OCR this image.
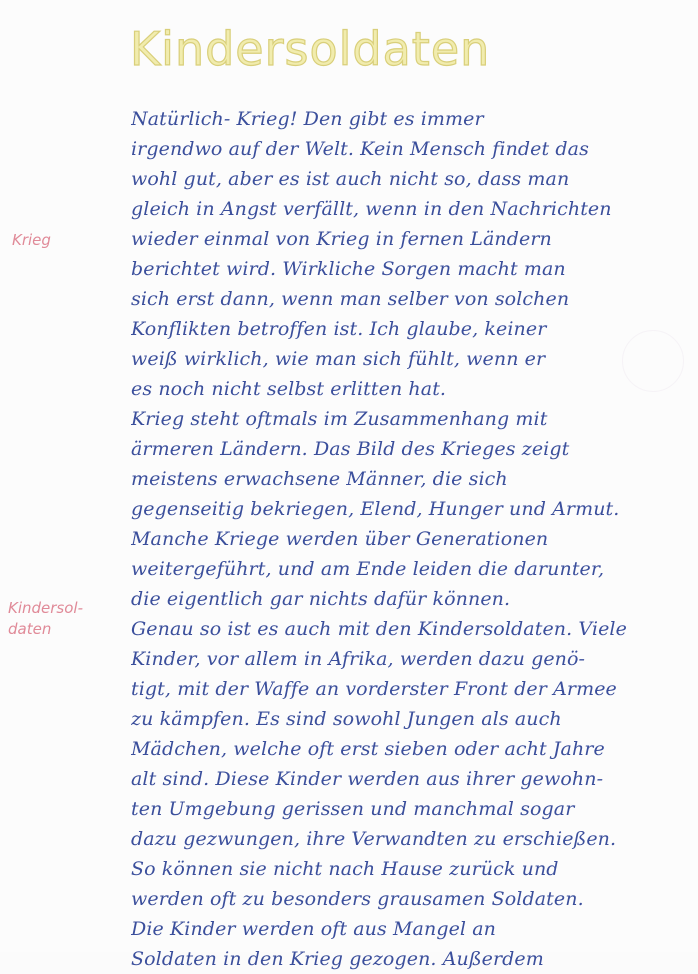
Kindersoldaten
Krieg
Kindersol-
daten
Natürlich- Krieg! Den gibt es immer
irgendwo auf der Welt. Kein Mensch findet das
wohl gut, aber es ist auch nicht so, dass man
gleich in Angst verfällt, wenn in den Nachrichten
wieder einmal von Krieg in fernen Ländern
berichtet wird. Wirkliche Sorgen macht man
sich erst dann, wenn man selber von solchen
Konflikten betroffen ist. Ich glaube, keiner
weiß wirklich, wie man sich fühlt, wenn er
es noch nicht selbst erlitten hat.
Krieg steht oftmals im Zusammenhang mit
ärmeren Ländern. Das Bild des Krieges zeigt
meistens erwachsene Männer, die sich
gegenseitig bekriegen, Elend, Hunger und Armut.
Manche Kriege werden über Generationen
weitergeführt, und am Ende leiden die darunter,
die eigentlich gar nichts dafür können.
Genau so ist es auch mit den Kindersoldaten. Viele
Kinder, vor allem in Afrika, werden dazu genö-
tigt, mit der Waffe an vorderster Front der Armee
zu kämpfen. Es sind sowohl Jungen als auch
Mädchen, welche oft erst sieben oder acht Jahre
alt sind. Diese Kinder werden aus ihrer gewohn-
ten Umgebung gerissen und manchmal sogar
dazu gezwungen, ihre Verwandten zu erschießen.
So können sie nicht nach Hause zurück und
werden oft zu besonders grausamen Soldaten.
Die Kinder werden oft aus Mangel an
Soldaten in den Krieg gezogen. Außerdem
